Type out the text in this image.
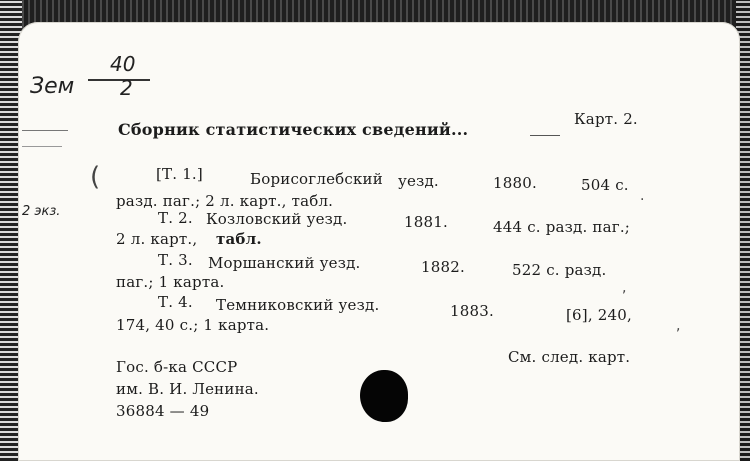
Зем
40
2
Сборник статистических сведений...
Карт. 2.
[Т. 1.]	Борисоглебский уезд.	1880.	504 с.
разд. паг.; 2 л. карт., табл.
2 экз.
(
Т. 2. Козловский уезд.	1881.	444 с. разд. паг.;
2 л. карт., табл.
Т. 3. Моршанский уезд.	1882.	522 с. разд.
паг.; 1 карта.
Т. 4. Темниковский уезд.	1883.	[6], 240,
174, 40 с.; 1 карта.
Гос. б-ка СССР
им. В. И. Ленина.
36884 — 49
См. след. карт.
.
,
,
